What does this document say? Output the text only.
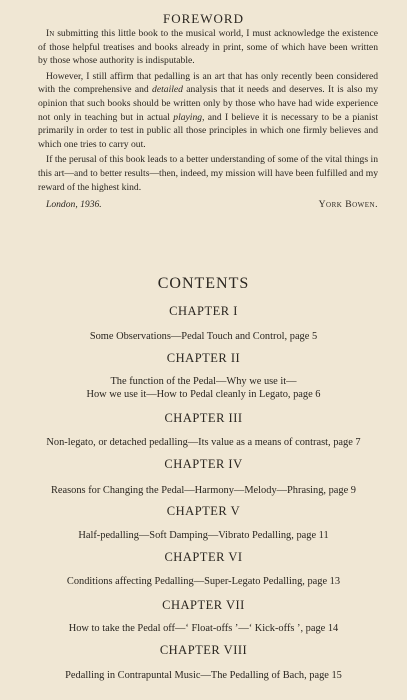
FOREWORD

In submitting this little book to the musical world, I must acknowledge the existence of those helpful treatises and books already in print, some of which have been written by those whose authority is indisputable.

However, I still affirm that pedalling is an art that has only recently been considered with the comprehensive and detailed analysis that it needs and deserves. It is also my opinion that such books should be written only by those who have had wide experience not only in teaching but in actual playing, and I believe it is necessary to be a pianist primarily in order to test in public all those principles in which one firmly believes and which one tries to carry out.

If the perusal of this book leads to a better understanding of some of the vital things in this art—and to better results—then, indeed, my mission will have been fulfilled and my reward of the highest kind.

London, 1936.	York Bowen.
CONTENTS
CHAPTER I
Some Observations—Pedal Touch and Control, page 5
CHAPTER II
The function of the Pedal—Why we use it—
How we use it—How to Pedal cleanly in Legato, page 6
CHAPTER III
Non-legato, or detached pedalling—Its value as a means of contrast, page 7
CHAPTER IV
Reasons for Changing the Pedal—Harmony—Melody—Phrasing, page 9
CHAPTER V
Half-pedalling—Soft Damping—Vibrato Pedalling, page 11
CHAPTER VI
Conditions affecting Pedalling—Super-Legato Pedalling, page 13
CHAPTER VII
How to take the Pedal off—‘ Float-offs ’—‘ Kick-offs ’, page 14
CHAPTER VIII
Pedalling in Contrapuntal Music—The Pedalling of Bach, page 15
